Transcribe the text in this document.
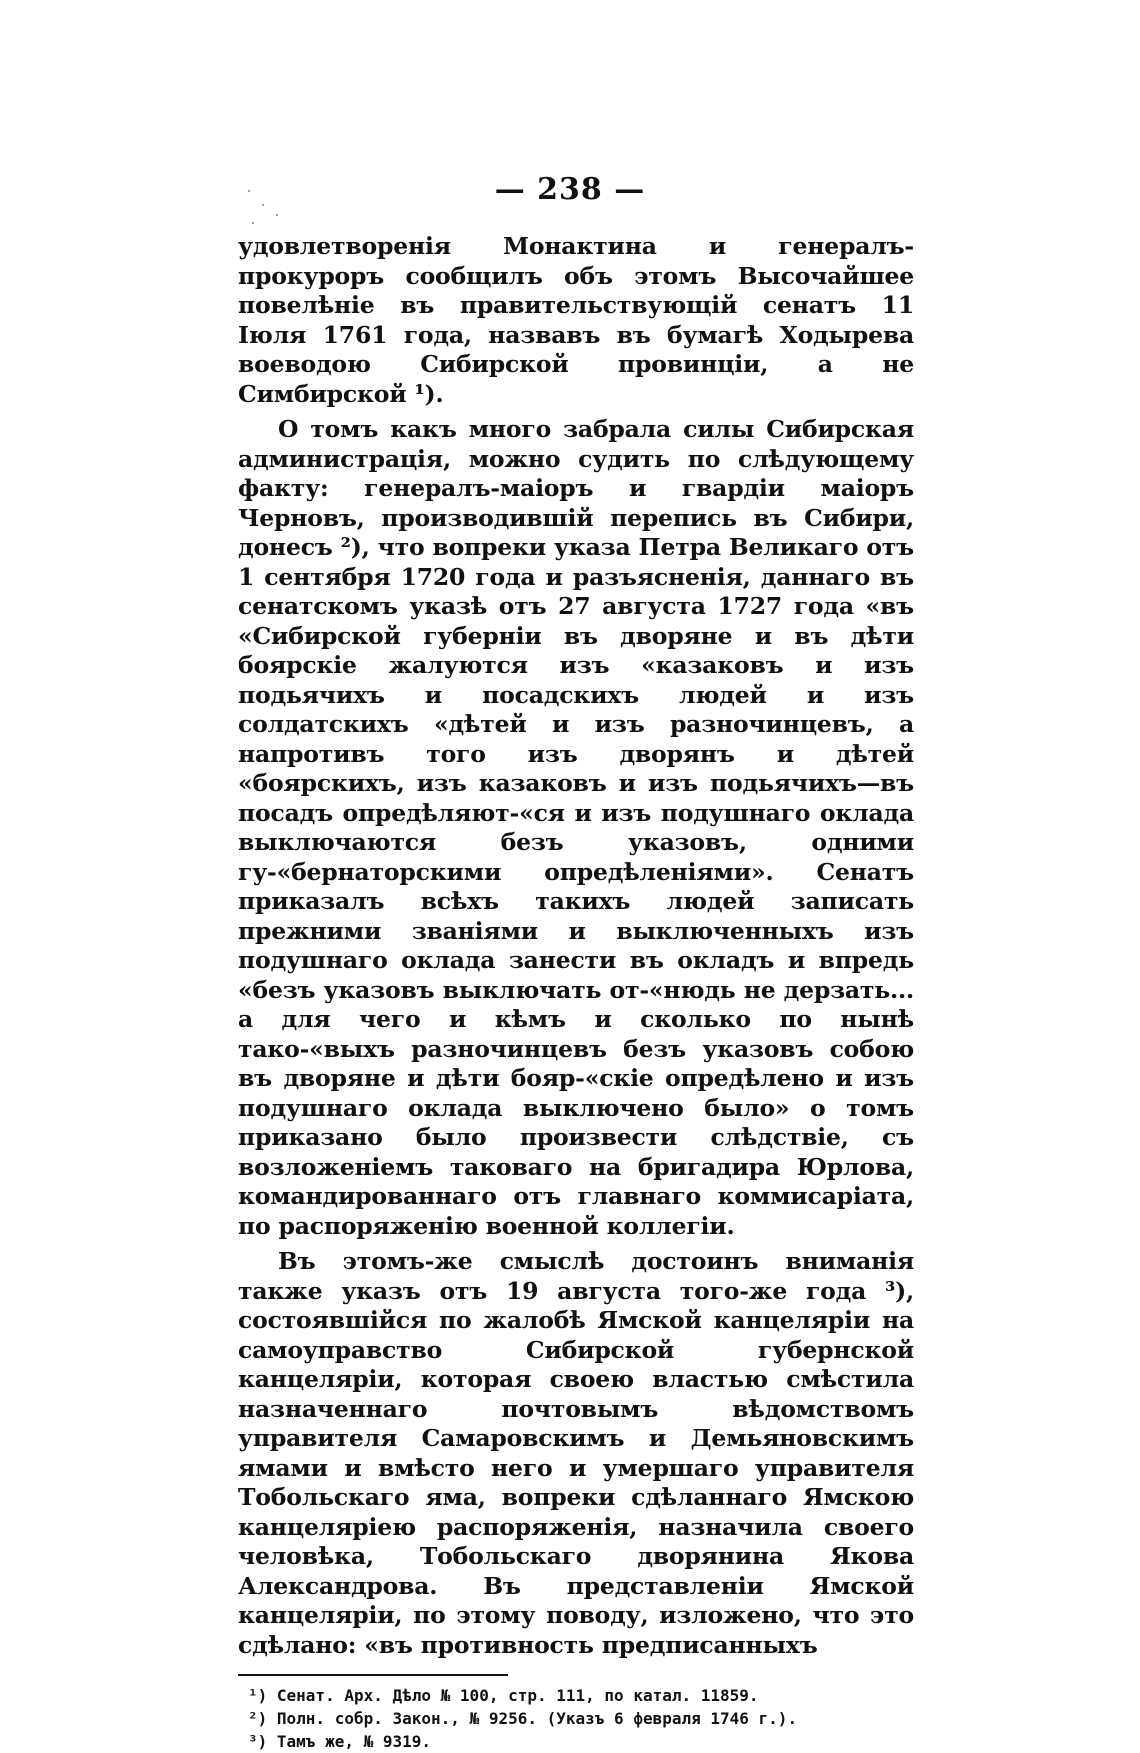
— 238 —

удовлетворенія Монактина и генералъ-прокуроръ сообщилъ объ этомъ Высочайшее повелѣніе въ правительствующій сенатъ 11 Іюля 1761 года, назвавъ въ бумагѣ Ходырева воеводою Сибирской провинціи, а не Симбирской ¹).

О томъ какъ много забрала силы Сибирская администрація, можно судить по слѣдующему факту: генералъ-маіоръ и гвардіи маіоръ Черновъ, производившій перепись въ Сибири, донесъ ²), что вопреки указа Петра Великаго отъ 1 сентября 1720 года и разъясненія, даннаго въ сенатскомъ указѣ отъ 27 августа 1727 года «въ «Сибирской губерніи въ дворяне и въ дѣти боярскіе жалуются изъ «казаковъ и изъ подьячихъ и посадскихъ людей и изъ солдатскихъ «дѣтей и изъ разночинцевъ, а напротивъ того изъ дворянъ и дѣтей «боярскихъ, изъ казаковъ и изъ подьячихъ—въ посадъ опредѣляют-«ся и изъ подушнаго оклада выключаются безъ указовъ, одними гу-«бернаторскими опредѣленіями». Сенатъ приказалъ всѣхъ такихъ людей записать прежними званіями и выключенныхъ изъ подушнаго оклада занести въ окладъ и впредь «безъ указовъ выключать от-«нюдь не дерзать... а для чего и кѣмъ и сколько по нынѣ тако-«выхъ разночинцевъ безъ указовъ собою въ дворяне и дѣти бояр-«скіе опредѣлено и изъ подушнаго оклада выключено было» о томъ приказано было произвести слѣдствіе, съ возложеніемъ таковаго на бригадира Юрлова, командированнаго отъ главнаго коммисаріата, по распоряженію военной коллегіи.

Въ этомъ-же смыслѣ достоинъ вниманія также указъ отъ 19 августа того-же года ³), состоявшійся по жалобѣ Ямской канцеляріи на самоуправство Сибирской губернской канцеляріи, которая своею властью смѣстила назначеннаго почтовымъ вѣдомствомъ управителя Самаровскимъ и Демьяновскимъ ямами и вмѣсто него и умершаго управителя Тобольскаго яма, вопреки сдѣланнаго Ямскою канцеляріею распоряженія, назначила своего человѣка, Тобольскаго дворянина Якова Александрова. Въ представленіи Ямской канцеляріи, по этому поводу, изложено, что это сдѣлано: «въ противность предписанныхъ

¹) Сенат. Арх. Дѣло № 100, стр. 111, по катал. 11859.
²) Полн. собр. Закон., № 9256. (Указъ 6 февраля 1746 г.).
³) Тамъ же, № 9319.
